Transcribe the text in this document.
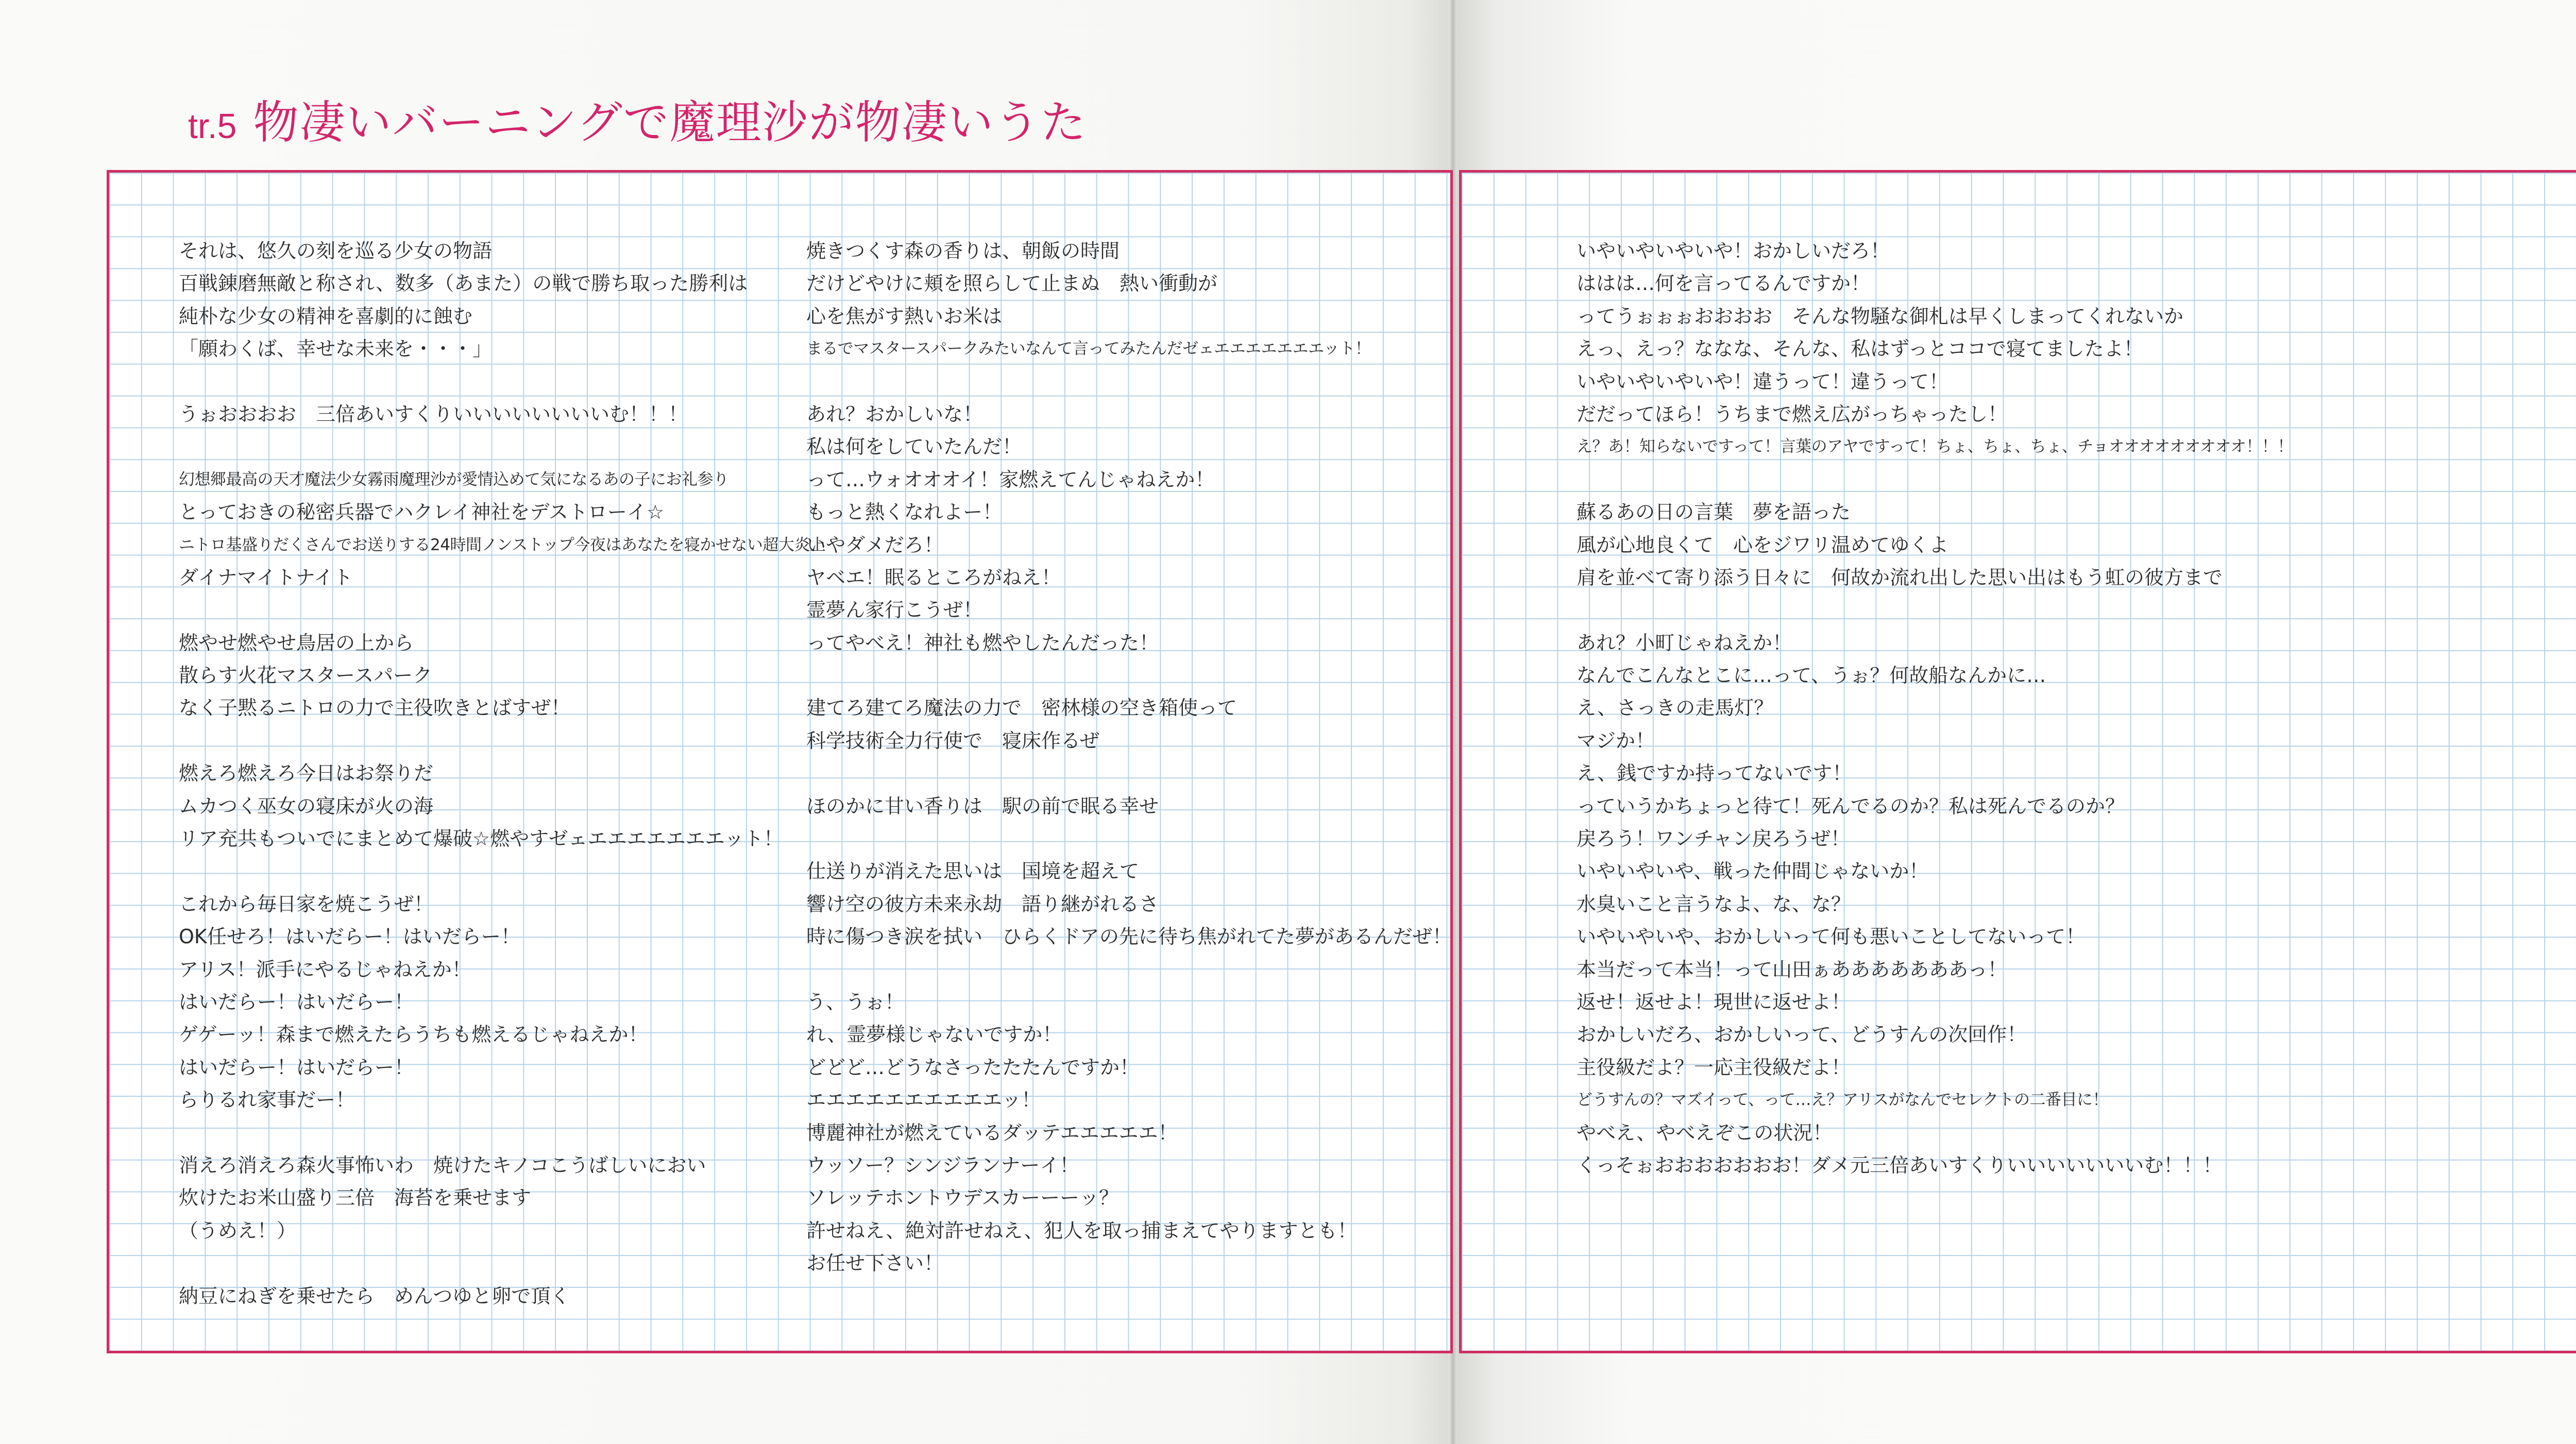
tr.5 物凄いバーニングで魔理沙が物凄いうた
それは、悠久の刻を巡る少女の物語
百戦錬磨無敵と称され、数多（あまた）の戦で勝ち取った勝利は
純朴な少女の精神を喜劇的に蝕む
「願わくば、幸せな未来を・・・」
うぉおおおお　三倍あいすくりいいいいいいいいむ！！！
幻想郷最高の天才魔法少女霧雨魔理沙が愛情込めて気になるあの子にお礼参り
とっておきの秘密兵器でハクレイ神社をデストローイ☆
ニトロ基盛りだくさんでお送りする24時間ノンストップ今夜はあなたを寝かせない超大炎上
ダイナマイトナイト
燃やせ燃やせ鳥居の上から
散らす火花マスタースパーク
なく子黙るニトロの力で主役吹きとばすぜ！
燃えろ燃えろ今日はお祭りだ
ムカつく巫女の寝床が火の海
リア充共もついでにまとめて爆破☆燃やすゼェエエエエエエエット！
これから毎日家を焼こうぜ！
OK任せろ！はいだらー！はいだらー！
アリス！派手にやるじゃねえか！
はいだらー！はいだらー！
ゲゲーッ！森まで燃えたらうちも燃えるじゃねえか！
はいだらー！はいだらー！
らりるれ家事だー！
消えろ消えろ森火事怖いわ　焼けたキノコこうばしいにおい
炊けたお米山盛り三倍　海苔を乗せます
（うめえ！）
納豆にねぎを乗せたら　めんつゆと卵で頂く
焼きつくす森の香りは、朝飯の時間
だけどやけに頬を照らして止まぬ　熱い衝動が
心を焦がす熱いお米は
まるでマスタースパークみたいなんて言ってみたんだゼェエエエエエエエット！
あれ？おかしいな！
私は何をしていたんだ！
って…ウォオオオイ！家燃えてんじゃねえか！
もっと熱くなれよー！
いやダメだろ！
ヤベエ！眠るところがねえ！
霊夢ん家行こうぜ！
ってやべえ！神社も燃やしたんだった！
建てろ建てろ魔法の力で　密林様の空き箱使って
科学技術全力行使で　寝床作るぜ
ほのかに甘い香りは　駅の前で眠る幸せ
仕送りが消えた思いは　国境を超えて
響け空の彼方未来永劫　語り継がれるさ
時に傷つき涙を拭い　ひらくドアの先に待ち焦がれてた夢があるんだぜ！
う、うぉ！
れ、霊夢様じゃないですか！
どどど…どうなさったたたんですか！
エエエエエエエエエエッ！
博麗神社が燃えているダッテエエエエエ！
ウッソー？シンジランナーイ！
ソレッテホントウデスカーーーッ？
許せねえ、絶対許せねえ、犯人を取っ捕まえてやりますとも！
お任せ下さい！
いやいやいやいや！おかしいだろ！
ははは…何を言ってるんですか！
ってうぉぉぉおおおお　そんな物騒な御札は早くしまってくれないか
えっ、えっ？ななな、そんな、私はずっとココで寝てましたよ！
いやいやいやいや！違うって！違うって！
だだってほら！うちまで燃え広がっちゃったし！
え？あ！知らないですって！言葉のアヤですって！ちょ、ちょ、ちょ、チョオオオオオオオオオ！！！
蘇るあの日の言葉　夢を語った
風が心地良くて　心をジワリ温めてゆくよ
肩を並べて寄り添う日々に　何故か流れ出した思い出はもう虹の彼方まで
あれ？小町じゃねえか！
なんでこんなとこに…って、うぉ？何故船なんかに…
え、さっきの走馬灯？
マジか！
え、銭ですか持ってないです！
っていうかちょっと待て！死んでるのか？私は死んでるのか？
戻ろう！ワンチャン戻ろうぜ！
いやいやいや、戦った仲間じゃないか！
水臭いこと言うなよ、な、な？
いやいやいや、おかしいって何も悪いことしてないって！
本当だって本当！って山田ぁあああああああっ！
返せ！返せよ！現世に返せよ！
おかしいだろ、おかしいって、どうすんの次回作！
主役級だよ？一応主役級だよ！
どうすんの？マズイって、って…え？アリスがなんでセレクトの二番目に！
やべえ、やべえぞこの状況！
くっそぉおおおおおおお！ダメ元三倍あいすくりいいいいいいいむ！！！
